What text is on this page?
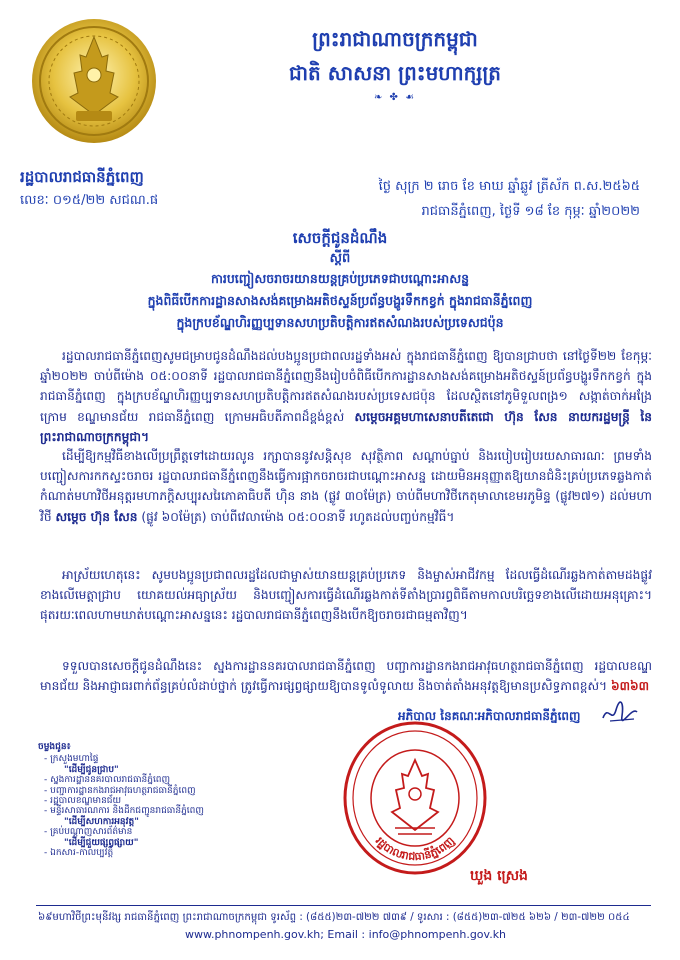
ព្រះរាជាណាចក្រកម្ពុជា
ជាតិ សាសនា ព្រះមហាក្សត្រ
❧ ✤ ☙
រដ្ឋបាលរាជធានីភ្នំពេញ
លេខៈ ០១៥/២២ សជណ.ផ
ថ្ងៃ សុក្រ ២ រោច ខែ មាឃ ឆ្នាំឆ្លូវ ត្រីស័ក ព.ស.២៥៦៥
រាជធានីភ្នំពេញ, ថ្ងៃទី ១៨ ខែ កុម្ភៈ ឆ្នាំ២០២២
សេចក្ដីជូនដំណឹង
ស្ដីពី
ការបញ្ជៀសចរាចរយានយន្តគ្រប់ប្រភេទជាបណ្ដោះអាសន្ន
ក្នុងពិធីបើកការដ្ឋានសាងសង់គម្រោងអតិថស្ទន៍ប្រព័ន្ធបង្ហូរទឹកកខ្វក់ ក្នុងរាជធានីភ្នំពេញ
ក្នុងក្របខ័ណ្ឌហិរញ្ញប្បទានសហប្រតិបត្តិការឥតសំណងរបស់ប្រទេសជប៉ុន
រដ្ឋបាលរាជធានីភ្នំពេញសូមជម្រាបជូនដំណឹងដល់បងប្អូនប្រជាពលរដ្ឋទាំងអស់ ក្នុងរាជធានីភ្នំពេញ ឱ្យបានជ្រាបថា នៅថ្ងៃទី២២ ខែកុម្ភៈ ឆ្នាំ២០២២ ចាប់ពីម៉ោង ០៥:០០នាទី រដ្ឋបាលរាជធានីភ្នំពេញនឹងរៀបចំពិធីបើកការដ្ឋានសាងសង់គម្រោងអតិថស្ទន៍ប្រព័ន្ធបង្ហូរទឹកកខ្វក់ ក្នុងរាជធានីភ្នំពេញ ក្នុងក្របខ័ណ្ឌហិរញ្ញប្បទានសហប្រតិបត្តិការឥតសំណងរបស់ប្រទេសជប៉ុន ដែលស្ថិតនៅភូមិទួលពង្រ១ សង្កាត់ចាក់អង្រែក្រោម ខណ្ឌមានជ័យ រាជធានីភ្នំពេញ ក្រោមអធិបតីភាពដ៏ខ្ពង់ខ្ពស់ សម្ដេចអគ្គមហាសេនាបតីតេជោ ហ៊ុន សែន នាយករដ្ឋមន្ត្រី នៃព្រះរាជាណាចក្រកម្ពុជា។
ដើម្បីឱ្យកម្មវិធីខាងលើប្រព្រឹត្តទៅដោយរលូន រក្សាបាននូវសន្តិសុខ សុវត្ថិភាព សណ្ដាប់ធ្នាប់ និងរបៀបរៀបរយសាធារណៈ ព្រមទាំងបញ្ជៀសការកកស្ទះចរាចរ រដ្ឋបាលរាជធានីភ្នំពេញនឹងធ្វើការផ្អាកចរាចរជាបណ្ដោះអាសន្ន ដោយមិនអនុញ្ញាតឱ្យយានជំនិះគ្រប់ប្រភេទឆ្លងកាត់កំណាត់មហាវិថីអនុត្តរមហាភក្តិសប្បុរសរៃភោគាធិបតី ហ៊ិន នាង (ផ្លូវ ៣០ម៉ែត្រ) ចាប់ពីមហាវិថីកេតុមាលាខេមរភូមិន្ទ (ផ្លូវ២៧១) ដល់មហាវិថី សម្ដេច ហ៊ុន សែន (ផ្លូវ ៦០ម៉ែត្រ) ចាប់ពីវេលាម៉ោង ០៥:០០នាទី រហូតដល់បញ្ចប់កម្មវិធី។
អាស្រ័យហេតុនេះ សូមបងប្អូនប្រជាពលរដ្ឋដែលជាម្ចាស់យានយន្តគ្រប់ប្រភេទ និងម្ចាស់អាជីវកម្ម ដែលធ្វើដំណើរឆ្លងកាត់តាមដងផ្លូវខាងលើមេត្តាជ្រាប យោគយល់អធ្យាស្រ័យ និងបញ្ជៀសការធ្វើដំណើរឆ្លងកាត់ទីតាំងប្រារព្ធពិធីតាមកាលបរិច្ឆេទខាងលើដោយអនុគ្រោះ។ ផុតរយៈពេលហាមឃាត់បណ្ដោះអាសន្ននេះ រដ្ឋបាលរាជធានីភ្នំពេញនឹងបើកឱ្យចរាចរជាធម្មតាវិញ។
ទទួលបានសេចក្ដីជូនដំណឹងនេះ ស្នងការដ្ឋាននគរបាលរាជធានីភ្នំពេញ បញ្ជាការដ្ឋានកងរាជអាវុធហត្ថរាជធានីភ្នំពេញ រដ្ឋបាលខណ្ឌមានជ័យ និងអាជ្ញាធរពាក់ព័ន្ធគ្រប់លំដាប់ថ្នាក់ ត្រូវធ្វើការផ្សព្វផ្សាយឱ្យបានទូលំទូលាយ និងចាត់តាំងអនុវត្តឱ្យមានប្រសិទ្ធភាពខ្ពស់។ ៦៣៦៣
អភិបាល នៃគណៈអភិបាលរាជធានីភ្នំពេញ
រដ្ឋបាលរាជធានីភ្នំពេញ
ឃួង ស្រេង
ចម្លងជូន៖
- ក្រសួងមហាផ្ទៃ
"ដើម្បីជូនជ្រាប"
- ស្នងការដ្ឋាននគរបាលរាជធានីភ្នំពេញ
- បញ្ជាការដ្ឋានកងរាជអាវុធហត្ថរាជធានីភ្នំពេញ
- រដ្ឋបាលខណ្ឌមានជ័យ
- មន្ទីរសាធារណការ និងដឹកជញ្ជូនរាជធានីភ្នំពេញ
"ដើម្បីសហការអនុវត្ត"
- គ្រប់បណ្ដាញសារព័ត៌មាន
"ដើម្បីជួយផ្សព្វផ្សាយ"
- ឯកសារ-កាលប្បវត្តិ
៦៩មហាវិថីព្រះមុនីវង្ស រាជធានីភ្នំពេញ ព្រះរាជាណាចក្រកម្ពុជា ទូរស័ព្ទ : (៨៥៥)២៣-៧២២ ៧៣៩ / ទូរសារ : (៨៥៥)២៣-៧២៥ ៦២៦ / ២៣-៧២២ ០៥៤
www.phnompenh.gov.kh; Email : info@phnompenh.gov.kh
